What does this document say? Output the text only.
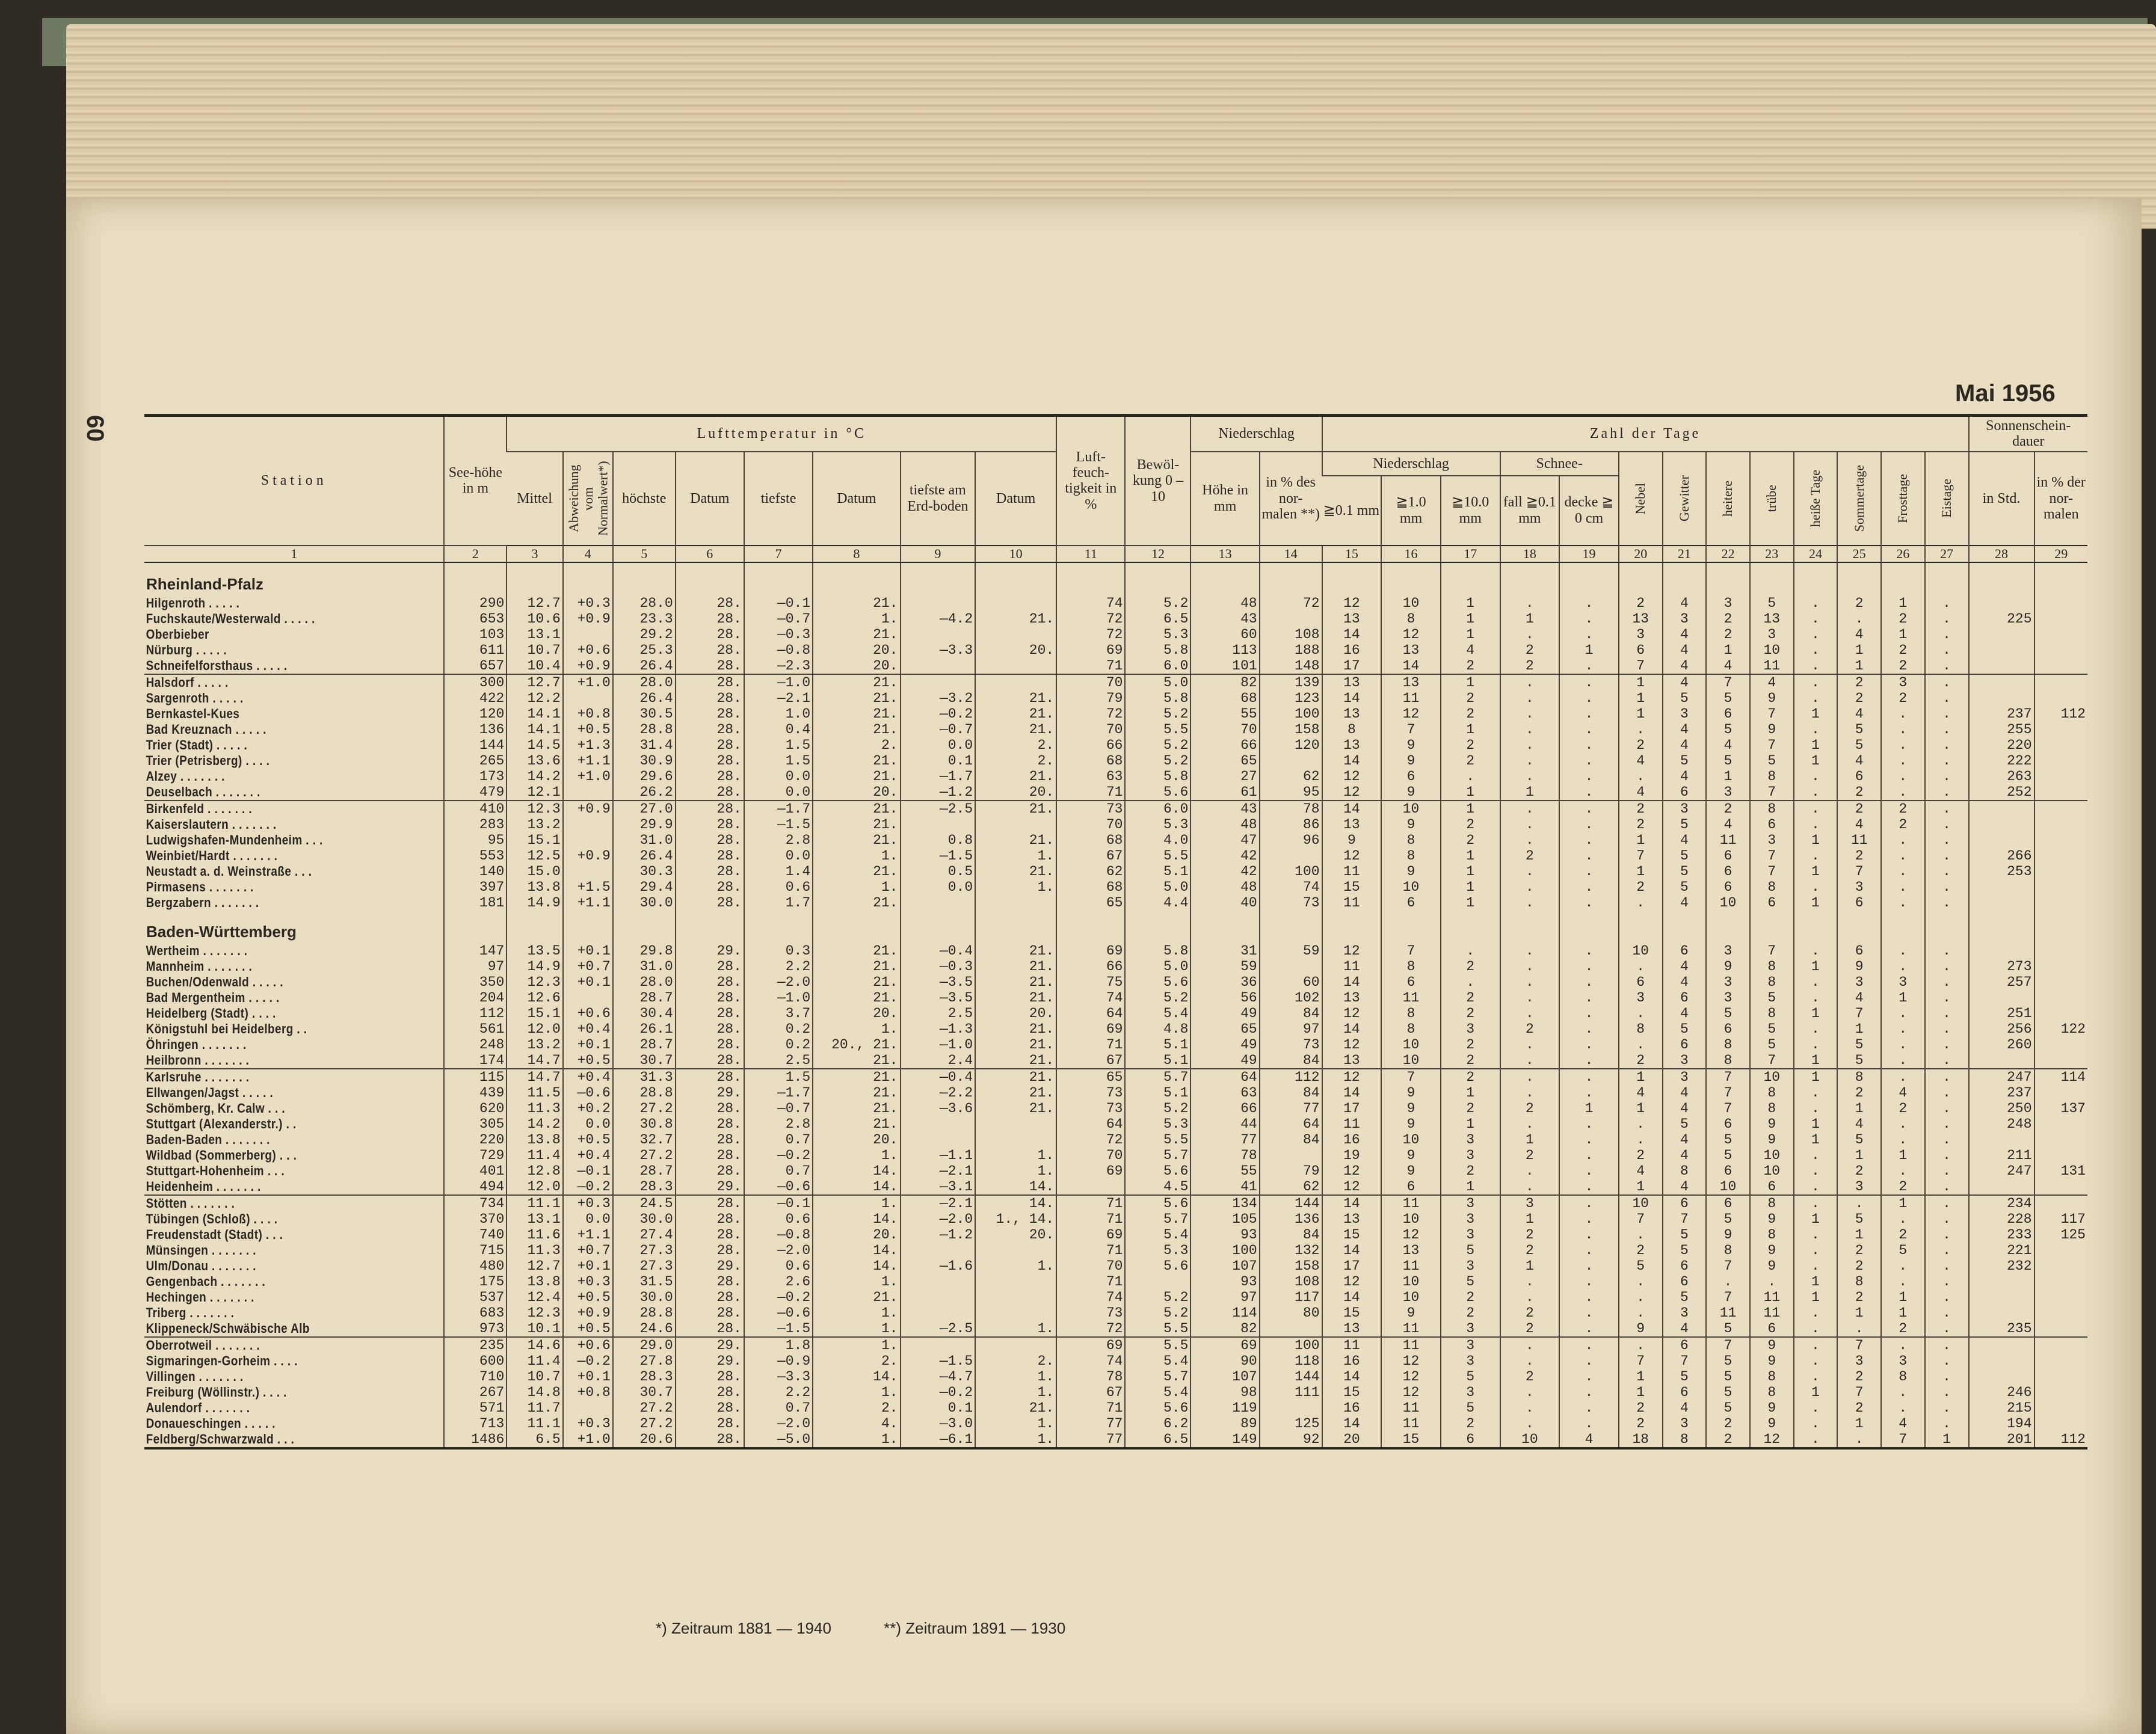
60
Mai 1956
Station	See-höhe in m	Lufttemperatur in °C								Luft-feuch-tigkeit in %	Bewöl-kung 0 – 10	Niederschlag		Zahl der Tage													Sonnenschein-dauer	
		Mittel	Abweichung vom Normalwert*)	höchste	Datum	tiefste	Datum	tiefste am Erd-boden	Datum			Höhe in mm	in % des nor-malen **)	Niederschlag			Schnee-		Nebel	Gewitter	heitere	trübe	heiße Tage	Sommertage	Frosttage	Eistage	in Std.	in % der nor-malen
														≧0.1 mm	≧1.0 mm	≧10.0 mm	fall ≧0.1 mm	decke ≧ 0 cm										
1	2	3	4	5	6	7	8	9	10	11	12	13	14	15	16	17	18	19	20	21	22	23	24	25	26	27	28	29
Rheinland-Pfalz																												
Hilgenroth . . . . .	290	12.7	+0.3	28.0	28.	—0.1	21.			74	5.2	48	72	12	10	1	.	.	2	4	3	5	.	2	1	.		
Fuchskaute/Westerwald . . . . .	653	10.6	+0.9	23.3	28.	—0.7	1.	—4.2	21.	72	6.5	43		13	8	1	1	.	13	3	2	13	.	.	2	.	225	
Oberbieber	103	13.1		29.2	28.	—0.3	21.			72	5.3	60	108	14	12	1	.	.	3	4	2	3	.	4	1	.		
Nürburg . . . . .	611	10.7	+0.6	25.3	28.	—0.8	20.	—3.3	20.	69	5.8	113	188	16	13	4	2	1	6	4	1	10	.	1	2	.		
Schneifelforsthaus . . . . .	657	10.4	+0.9	26.4	28.	—2.3	20.			71	6.0	101	148	17	14	2	2	.	7	4	4	11	.	1	2	.		
Halsdorf . . . . .	300	12.7	+1.0	28.0	28.	—1.0	21.			70	5.0	82	139	13	13	1	.	.	1	4	7	4	.	2	3	.		
Sargenroth . . . . .	422	12.2		26.4	28.	—2.1	21.	—3.2	21.	79	5.8	68	123	14	11	2	.	.	1	5	5	9	.	2	2	.		
Bernkastel-Kues	120	14.1	+0.8	30.5	28.	1.0	21.	—0.2	21.	72	5.2	55	100	13	12	2	.	.	1	3	6	7	1	4	.	.	237	112
Bad Kreuznach . . . . .	136	14.1	+0.5	28.8	28.	0.4	21.	—0.7	21.	70	5.5	70	158	8	7	1	.	.	.	4	5	9	.	5	.	.	255	
Trier (Stadt) . . . . .	144	14.5	+1.3	31.4	28.	1.5	2.	0.0	2.	66	5.2	66	120	13	9	2	.	.	2	4	4	7	1	5	.	.	220	
Trier (Petrisberg) . . . .	265	13.6	+1.1	30.9	28.	1.5	21.	0.1	2.	68	5.2	65		14	9	2	.	.	4	5	5	5	1	4	.	.	222	
Alzey . . . . . . .	173	14.2	+1.0	29.6	28.	0.0	21.	—1.7	21.	63	5.8	27	62	12	6	.	.	.	.	4	1	8	.	6	.	.	263	
Deuselbach . . . . . . .	479	12.1		26.2	28.	0.0	20.	—1.2	20.	71	5.6	61	95	12	9	1	1	.	4	6	3	7	.	2	.	.	252	
Birkenfeld . . . . . . .	410	12.3	+0.9	27.0	28.	—1.7	21.	—2.5	21.	73	6.0	43	78	14	10	1	.	.	2	3	2	8	.	2	2	.		
Kaiserslautern . . . . . . .	283	13.2		29.9	28.	—1.5	21.			70	5.3	48	86	13	9	2	.	.	2	5	4	6	.	4	2	.		
Ludwigshafen-Mundenheim . . .	95	15.1		31.0	28.	2.8	21.	0.8	21.	68	4.0	47	96	9	8	2	.	.	1	4	11	3	1	11	.	.		
Weinbiet/Hardt . . . . . . .	553	12.5	+0.9	26.4	28.	0.0	1.	—1.5	1.	67	5.5	42		12	8	1	2	.	7	5	6	7	.	2	.	.	266	
Neustadt a. d. Weinstraße . . .	140	15.0		30.3	28.	1.4	21.	0.5	21.	62	5.1	42	100	11	9	1	.	.	1	5	6	7	1	7	.	.	253	
Pirmasens . . . . . . .	397	13.8	+1.5	29.4	28.	0.6	1.	0.0	1.	68	5.0	48	74	15	10	1	.	.	2	5	6	8	.	3	.	.		
Bergzabern . . . . . . .	181	14.9	+1.1	30.0	28.	1.7	21.			65	4.4	40	73	11	6	1	.	.	.	4	10	6	1	6	.	.		
Baden-Württemberg																												
Wertheim . . . . . . .	147	13.5	+0.1	29.8	29.	0.3	21.	—0.4	21.	69	5.8	31	59	12	7	.	.	.	10	6	3	7	.	6	.	.		
Mannheim . . . . . . .	97	14.9	+0.7	31.0	28.	2.2	21.	—0.3	21.	66	5.0	59		11	8	2	.	.	.	4	9	8	1	9	.	.	273	
Buchen/Odenwald . . . . .	350	12.3	+0.1	28.0	28.	—2.0	21.	—3.5	21.	75	5.6	36	60	14	6	.	.	.	6	4	3	8	.	3	3	.	257	
Bad Mergentheim . . . . .	204	12.6		28.7	28.	—1.0	21.	—3.5	21.	74	5.2	56	102	13	11	2	.	.	3	6	3	5	.	4	1	.		
Heidelberg (Stadt) . . . .	112	15.1	+0.6	30.4	28.	3.7	20.	2.5	20.	64	5.4	49	84	12	8	2	.	.	.	4	5	8	1	7	.	.	251	
Königstuhl bei Heidelberg . .	561	12.0	+0.4	26.1	28.	0.2	1.	—1.3	21.	69	4.8	65	97	14	8	3	2	.	8	5	6	5	.	1	.	.	256	122
Öhringen . . . . . . .	248	13.2	+0.1	28.7	28.	0.2	20., 21.	—1.0	21.	71	5.1	49	73	12	10	2	.	.	.	6	8	5	.	5	.	.	260	
Heilbronn . . . . . . .	174	14.7	+0.5	30.7	28.	2.5	21.	2.4	21.	67	5.1	49	84	13	10	2	.	.	2	3	8	7	1	5	.	.		
Karlsruhe . . . . . . .	115	14.7	+0.4	31.3	28.	1.5	21.	—0.4	21.	65	5.7	64	112	12	7	2	.	.	1	3	7	10	1	8	.	.	247	114
Ellwangen/Jagst . . . . .	439	11.5	—0.6	28.8	29.	—1.7	21.	—2.2	21.	73	5.1	63	84	14	9	1	.	.	4	4	7	8	.	2	4	.	237	
Schömberg, Kr. Calw . . .	620	11.3	+0.2	27.2	28.	—0.7	21.	—3.6	21.	73	5.2	66	77	17	9	2	2	1	1	4	7	8	.	1	2	.	250	137
Stuttgart (Alexanderstr.) . .	305	14.2	0.0	30.8	28.	2.8	21.			64	5.3	44	64	11	9	1	.	.	.	5	6	9	1	4	.	.	248	
Baden-Baden . . . . . . .	220	13.8	+0.5	32.7	28.	0.7	20.			72	5.5	77	84	16	10	3	1	.	.	4	5	9	1	5	.	.		
Wildbad (Sommerberg) . . .	729	11.4	+0.4	27.2	28.	—0.2	1.	—1.1	1.	70	5.7	78		19	9	3	2	.	2	4	5	10	.	1	1	.	211	
Stuttgart-Hohenheim . . .	401	12.8	—0.1	28.7	28.	0.7	14.	—2.1	1.	69	5.6	55	79	12	9	2	.	.	4	8	6	10	.	2	.	.	247	131
Heidenheim . . . . . . .	494	12.0	—0.2	28.3	29.	—0.6	14.	—3.1	14.		4.5	41	62	12	6	1	.	.	1	4	10	6	.	3	2	.		
Stötten . . . . . . .	734	11.1	+0.3	24.5	28.	—0.1	1.	—2.1	14.	71	5.6	134	144	14	11	3	3	.	10	6	6	8	.	.	1	.	234	
Tübingen (Schloß) . . . .	370	13.1	0.0	30.0	28.	0.6	14.	—2.0	1., 14.	71	5.7	105	136	13	10	3	1	.	7	7	5	9	1	5	.	.	228	117
Freudenstadt (Stadt) . . .	740	11.6	+1.1	27.4	28.	—0.8	20.	—1.2	20.	69	5.4	93	84	15	12	3	2	.	.	5	9	8	.	1	2	.	233	125
Münsingen . . . . . . .	715	11.3	+0.7	27.3	28.	—2.0	14.			71	5.3	100	132	14	13	5	2	.	2	5	8	9	.	2	5	.	221	
Ulm/Donau . . . . . . .	480	12.7	+0.1	27.3	29.	0.6	14.	—1.6	1.	70	5.6	107	158	17	11	3	1	.	5	6	7	9	.	2	.	.	232	
Gengenbach . . . . . . .	175	13.8	+0.3	31.5	28.	2.6	1.			71		93	108	12	10	5	.	.	.	6	.	.	1	8	.	.		
Hechingen . . . . . . .	537	12.4	+0.5	30.0	28.	—0.2	21.			74	5.2	97	117	14	10	2	.	.	.	5	7	11	1	2	1	.		
Triberg . . . . . . .	683	12.3	+0.9	28.8	28.	—0.6	1.			73	5.2	114	80	15	9	2	2	.	.	3	11	11	.	1	1	.		
Klippeneck/Schwäbische Alb	973	10.1	+0.5	24.6	28.	—1.5	1.	—2.5	1.	72	5.5	82		13	11	3	2	.	9	4	5	6	.	.	2	.	235	
Oberrotweil . . . . . . .	235	14.6	+0.6	29.0	29.	1.8	1.			69	5.5	69	100	11	11	3	.	.	.	6	7	9	.	7	.	.		
Sigmaringen-Gorheim . . . .	600	11.4	—0.2	27.8	29.	—0.9	2.	—1.5	2.	74	5.4	90	118	16	12	3	.	.	7	7	5	9	.	3	3	.		
Villingen . . . . . . .	710	10.7	+0.1	28.3	28.	—3.3	14.	—4.7	1.	78	5.7	107	144	14	12	5	2	.	1	5	5	8	.	2	8	.		
Freiburg (Wöllinstr.) . . . .	267	14.8	+0.8	30.7	28.	2.2	1.	—0.2	1.	67	5.4	98	111	15	12	3	.	.	1	6	5	8	1	7	.	.	246	
Aulendorf . . . . . . .	571	11.7		27.2	28.	0.7	2.	0.1	21.	71	5.6	119		16	11	5	.	.	2	4	5	9	.	2	.	.	215	
Donaueschingen . . . . .	713	11.1	+0.3	27.2	28.	—2.0	4.	—3.0	1.	77	6.2	89	125	14	11	2	.	.	2	3	2	9	.	1	4	.	194	
Feldberg/Schwarzwald . . .	1486	6.5	+1.0	20.6	28.	—5.0	1.	—6.1	1.	77	6.5	149	92	20	15	6	10	4	18	8	2	12	.	.	7	1	201	112
*) Zeitraum 1881 — 1940	**) Zeitraum 1891 — 1930
